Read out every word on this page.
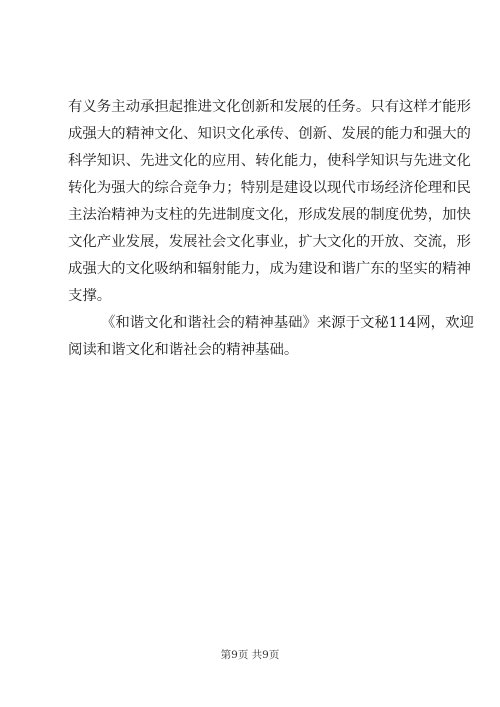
有义务主动承担起推进文化创新和发展的任务。只有这样才能形
成强大的精神文化、知识文化承传、创新、发展的能力和强大的
科学知识、先进文化的应用、转化能力，使科学知识与先进文化
转化为强大的综合竞争力；特别是建设以现代市场经济伦理和民
主法治精神为支柱的先进制度文化，形成发展的制度优势，加快
文化产业发展，发展社会文化事业，扩大文化的开放、交流，形
成强大的文化吸纳和辐射能力，成为建设和谐广东的坚实的精神
支撑。
《和谐文化和谐社会的精神基础》来源于文秘114网，欢迎
阅读和谐文化和谐社会的精神基础。
第9页 共9页
